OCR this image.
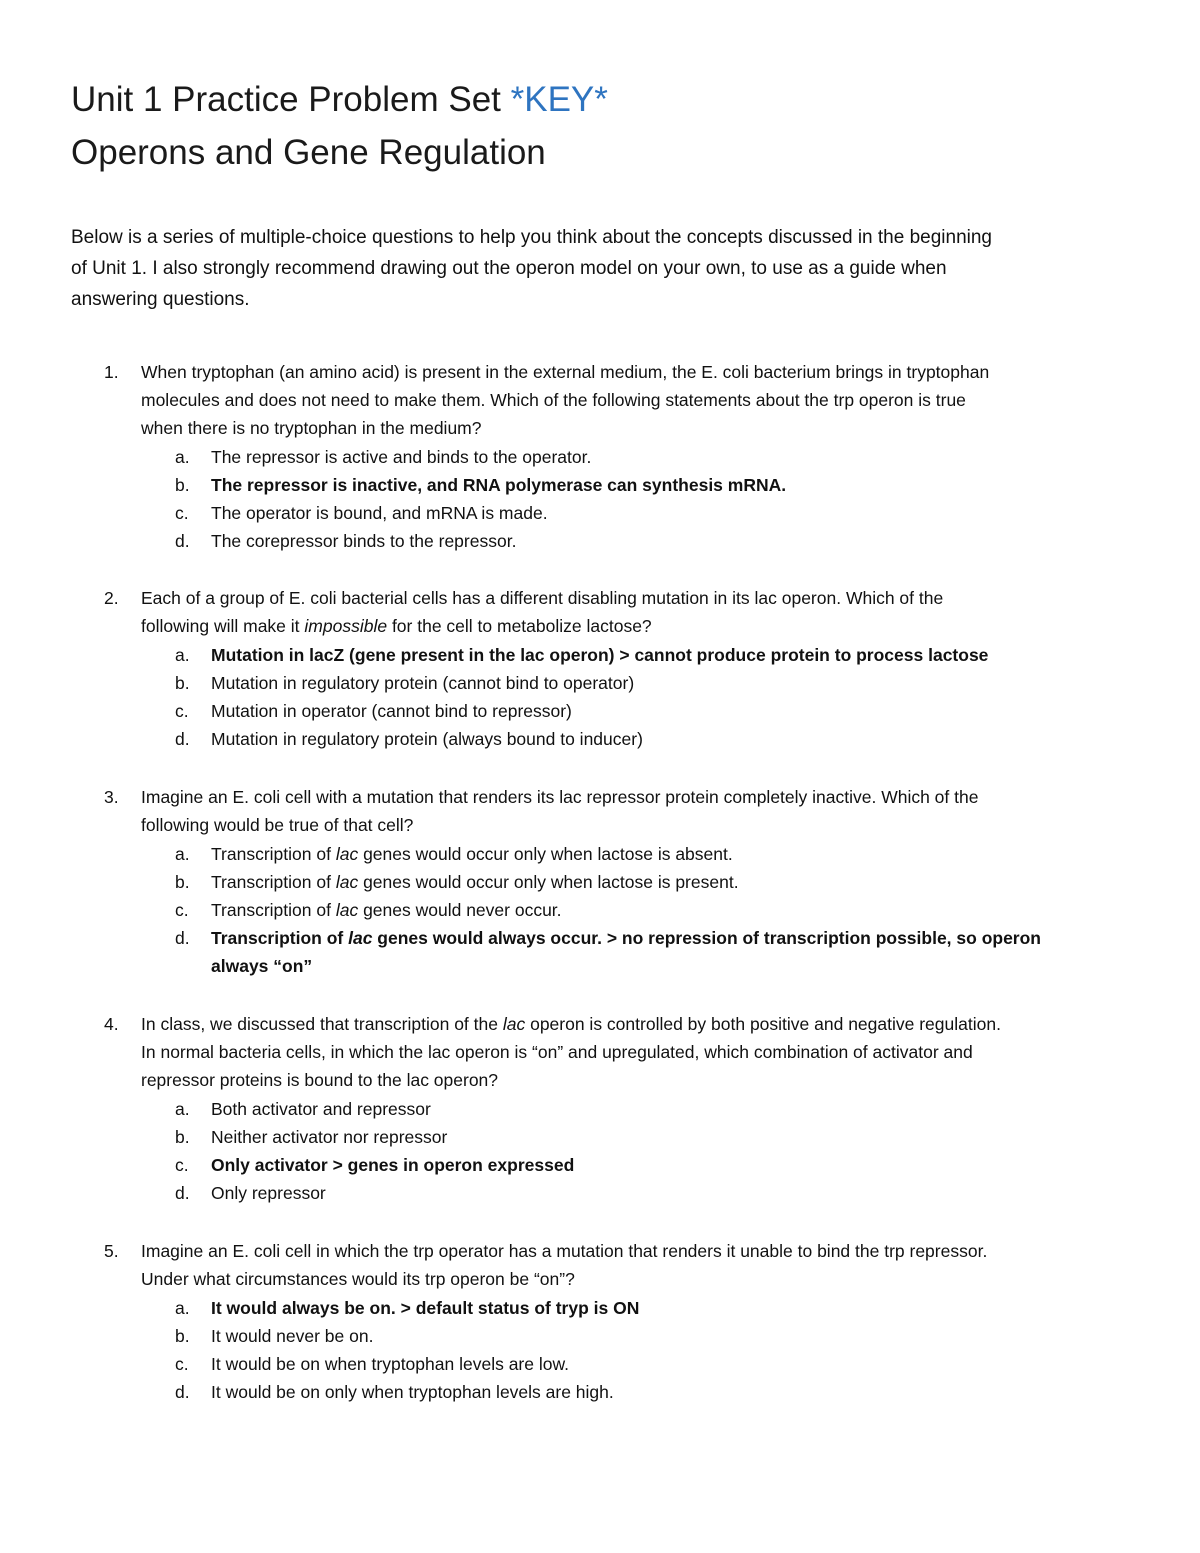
Unit 1 Practice Problem Set *KEY*
Operons and Gene Regulation

Below is a series of multiple-choice questions to help you think about the concepts discussed in the beginning
of Unit 1. I also strongly recommend drawing out the operon model on your own, to use as a guide when
answering questions.

1. When tryptophan (an amino acid) is present in the external medium, the E. coli bacterium brings in tryptophan
molecules and does not need to make them. Which of the following statements about the trp operon is true
when there is no tryptophan in the medium?
a. The repressor is active and binds to the operator.
b. The repressor is inactive, and RNA polymerase can synthesis mRNA.
c. The operator is bound, and mRNA is made.
d. The corepressor binds to the repressor.
2. Each of a group of E. coli bacterial cells has a different disabling mutation in its lac operon. Which of the
following will make it impossible for the cell to metabolize lactose?
a. Mutation in lacZ (gene present in the lac operon) > cannot produce protein to process lactose
b. Mutation in regulatory protein (cannot bind to operator)
c. Mutation in operator (cannot bind to repressor)
d. Mutation in regulatory protein (always bound to inducer)
3. Imagine an E. coli cell with a mutation that renders its lac repressor protein completely inactive. Which of the
following would be true of that cell?
a. Transcription of lac genes would occur only when lactose is absent.
b. Transcription of lac genes would occur only when lactose is present.
c. Transcription of lac genes would never occur.
d. Transcription of lac genes would always occur. > no repression of transcription possible, so operon
always “on”
4. In class, we discussed that transcription of the lac operon is controlled by both positive and negative regulation.
In normal bacteria cells, in which the lac operon is “on” and upregulated, which combination of activator and
repressor proteins is bound to the lac operon?
a. Both activator and repressor
b. Neither activator nor repressor
c. Only activator > genes in operon expressed
d. Only repressor
5. Imagine an E. coli cell in which the trp operator has a mutation that renders it unable to bind the trp repressor.
Under what circumstances would its trp operon be “on”?
a. It would always be on. > default status of tryp is ON
b. It would never be on.
c. It would be on when tryptophan levels are low.
d. It would be on only when tryptophan levels are high.
